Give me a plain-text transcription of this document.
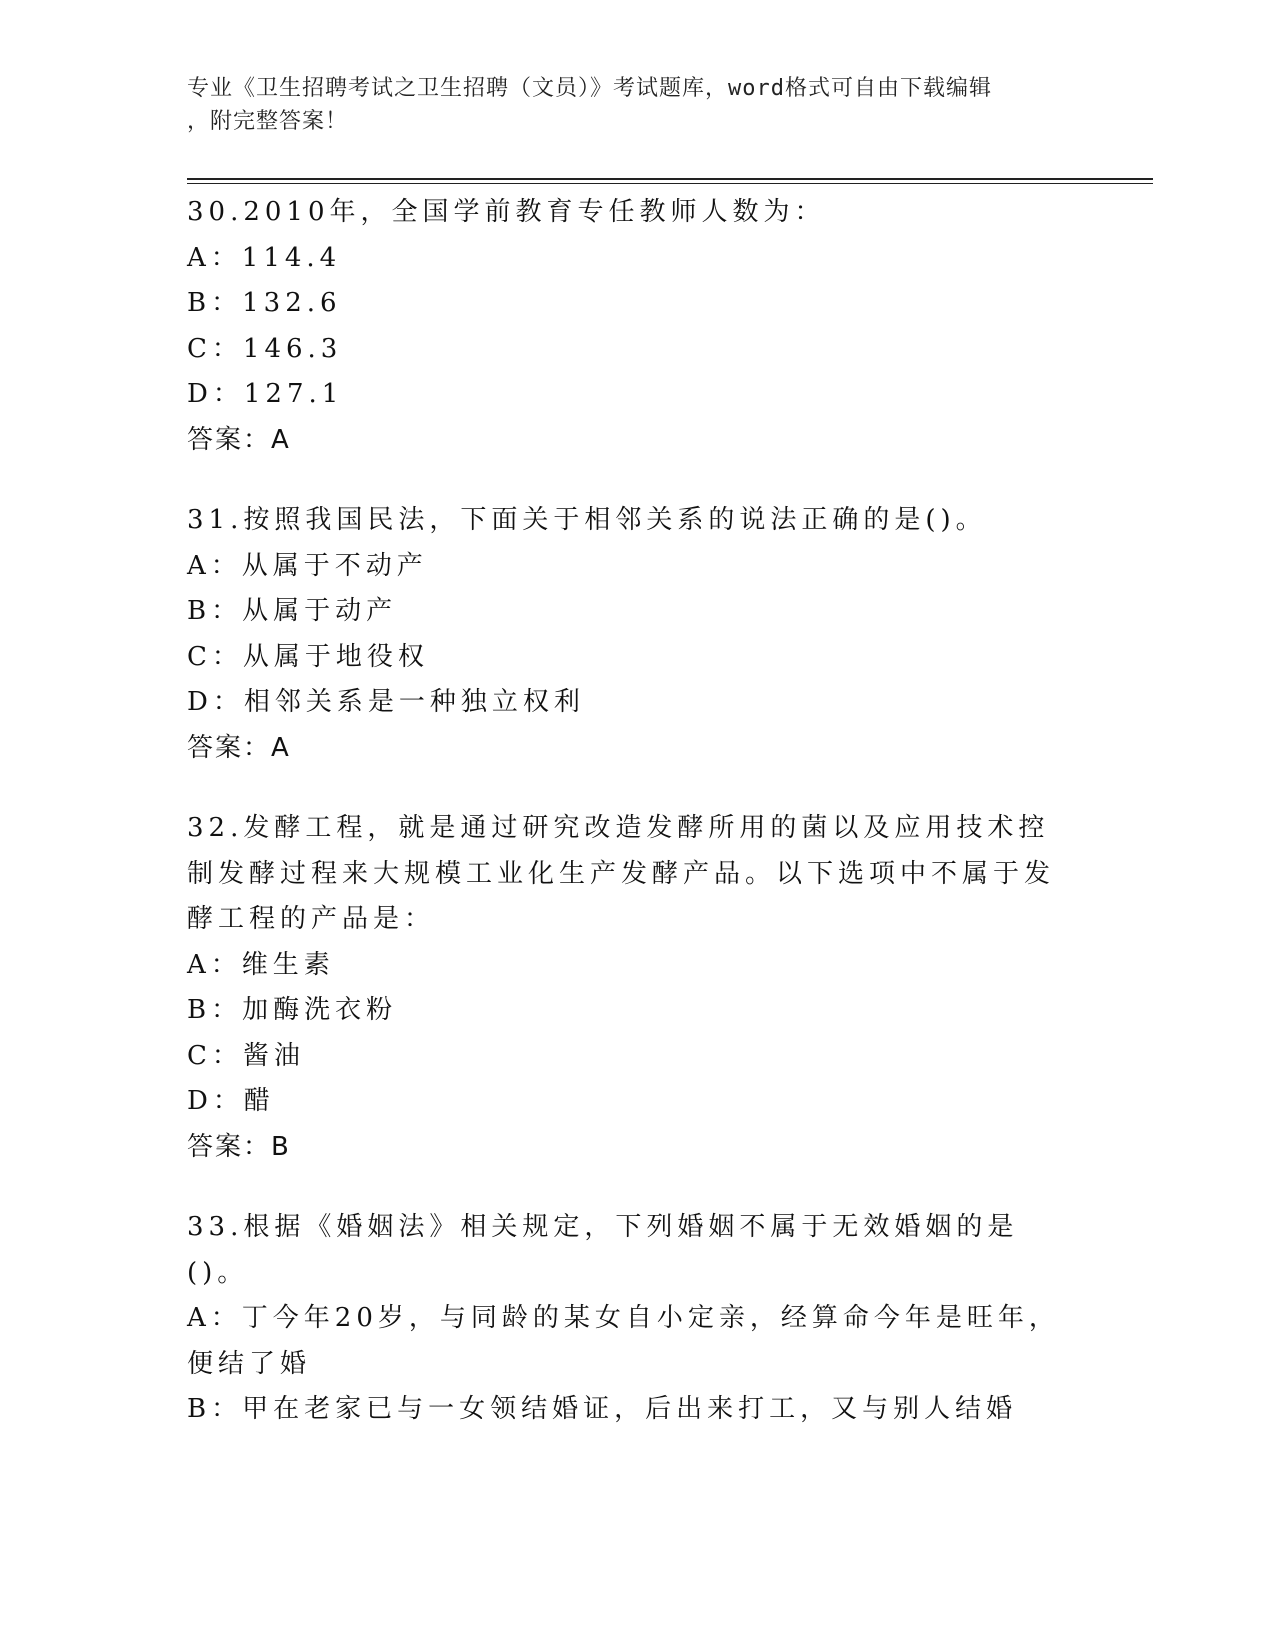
专业《卫生招聘考试之卫生招聘（文员）》考试题库，word格式可自由下载编辑
，附完整答案！
30.2010年，全国学前教育专任教师人数为：
A： 114.4
B： 132.6
C： 146.3
D： 127.1
答案：A
31.按照我国民法，下面关于相邻关系的说法正确的是()。
A： 从属于不动产
B： 从属于动产
C： 从属于地役权
D： 相邻关系是一种独立权利
答案：A
32.发酵工程，就是通过研究改造发酵所用的菌以及应用技术控制发酵过程来大规模工业化生产发酵产品。以下选项中不属于发酵工程的产品是：
A： 维生素
B： 加酶洗衣粉
C： 酱油
D： 醋
答案：B
33.根据《婚姻法》相关规定，下列婚姻不属于无效婚姻的是()。
A：丁今年20岁，与同龄的某女自小定亲，经算命今年是旺年，便结了婚
B： 甲在老家已与一女领结婚证，后出来打工，又与别人结婚
